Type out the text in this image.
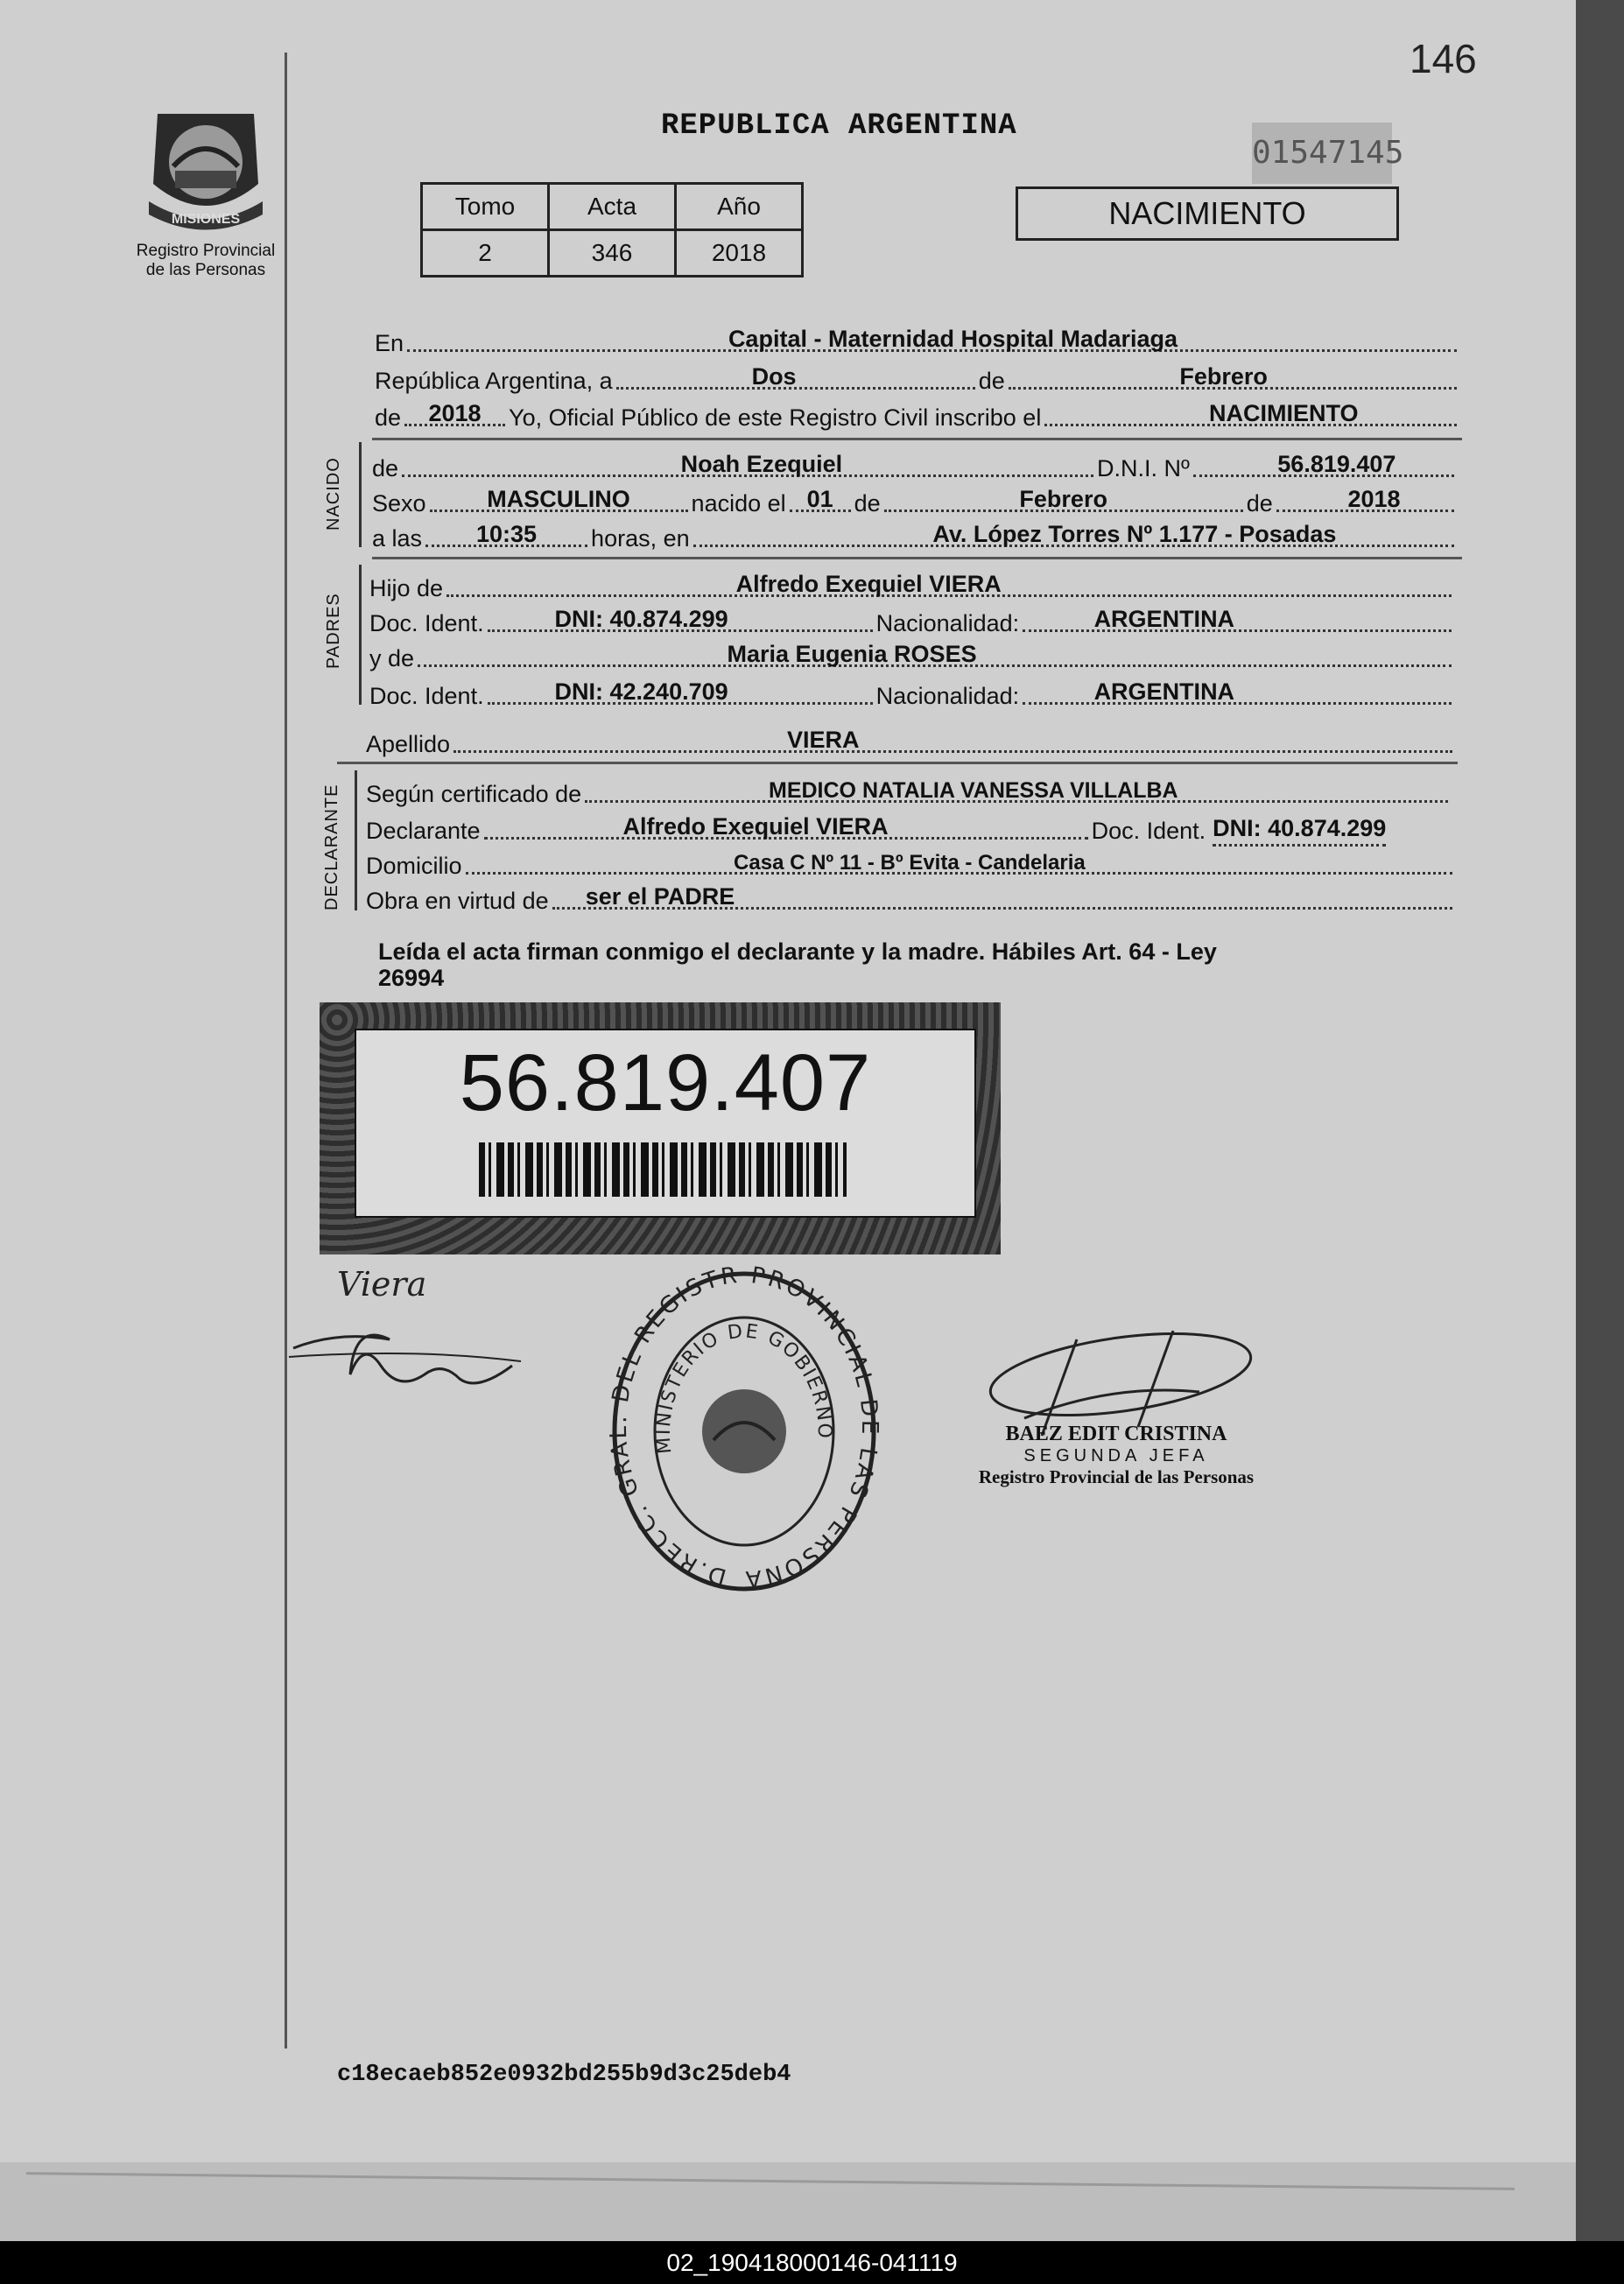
146
MISIONES
Registro Provincial
de las Personas
REPUBLICA ARGENTINA
01547145
Tomo	Acta	Año
2	346	2018
NACIMIENTO
En	Capital - Maternidad Hospital Madariaga
República Argentina, a	Dos	de	Febrero
de 2018 Yo, Oficial Público de este Registro Civil inscribo el	NACIMIENTO
NACIDO de	Noah Ezequiel	D.N.I. Nº	56.819.407
Sexo	MASCULINO	nacido el 01 de	Febrero	de	2018
a las 10:35 horas, en	Av. López Torres Nº 1.177 - Posadas
PADRES
Hijo de	Alfredo Exequiel VIERA
Doc. Ident.	DNI: 40.874.299	Nacionalidad:	ARGENTINA
y de	Maria Eugenia ROSES
Doc. Ident.	DNI: 42.240.709	Nacionalidad:	ARGENTINA
Apellido	VIERA
DECLARANTE Según certificado de	MEDICO NATALIA VANESSA VILLALBA
Declarante	Alfredo Exequiel VIERA	Doc. Ident. DNI: 40.874.299
Domicilio	Casa C Nº 11 - Bº Evita - Candelaria
Obra en virtud de ser el PADRE
Leída el acta firman conmigo el declarante y la madre. Hábiles Art. 64 - Ley
26994
56.819.407
Viera
D.RECC. GRAL. DEL REGISTR PROVINCIAL DE LAS PERSONA
MINISTERIO DE GOBIERNO	BAEZ EDIT CRISTINA
SEGUNDA JEFA
Registro Provincial de las Personas
c18ecaeb852e0932bd255b9d3c25deb4
02_190418000146-041119
